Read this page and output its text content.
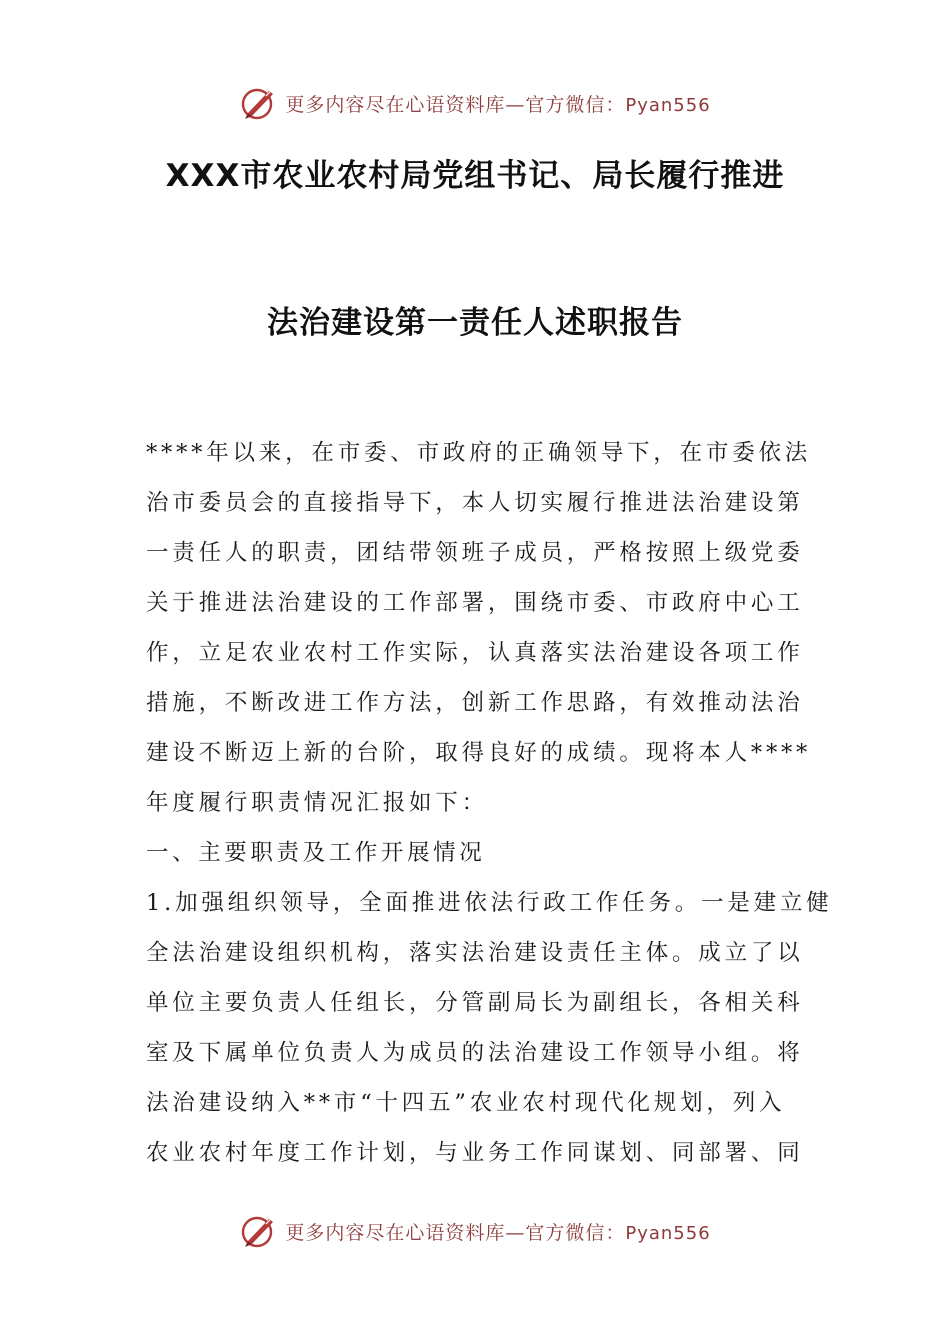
更多内容尽在心语资料库—官方微信：Pyan556
XXX市农业农村局党组书记、局长履行推进
法治建设第一责任人述职报告
****年以来，在市委、市政府的正确领导下，在市委依法
治市委员会的直接指导下，本人切实履行推进法治建设第
一责任人的职责，团结带领班子成员，严格按照上级党委
关于推进法治建设的工作部署，围绕市委、市政府中心工
作，立足农业农村工作实际，认真落实法治建设各项工作
措施，不断改进工作方法，创新工作思路，有效推动法治
建设不断迈上新的台阶，取得良好的成绩。现将本人****
年度履行职责情况汇报如下：
一、主要职责及工作开展情况
1.加强组织领导，全面推进依法行政工作任务。一是建立健
全法治建设组织机构，落实法治建设责任主体。成立了以
单位主要负责人任组长，分管副局长为副组长，各相关科
室及下属单位负责人为成员的法治建设工作领导小组。将
法治建设纳入**市“十四五”农业农村现代化规划，列入
农业农村年度工作计划，与业务工作同谋划、同部署、同
更多内容尽在心语资料库—官方微信：Pyan556
